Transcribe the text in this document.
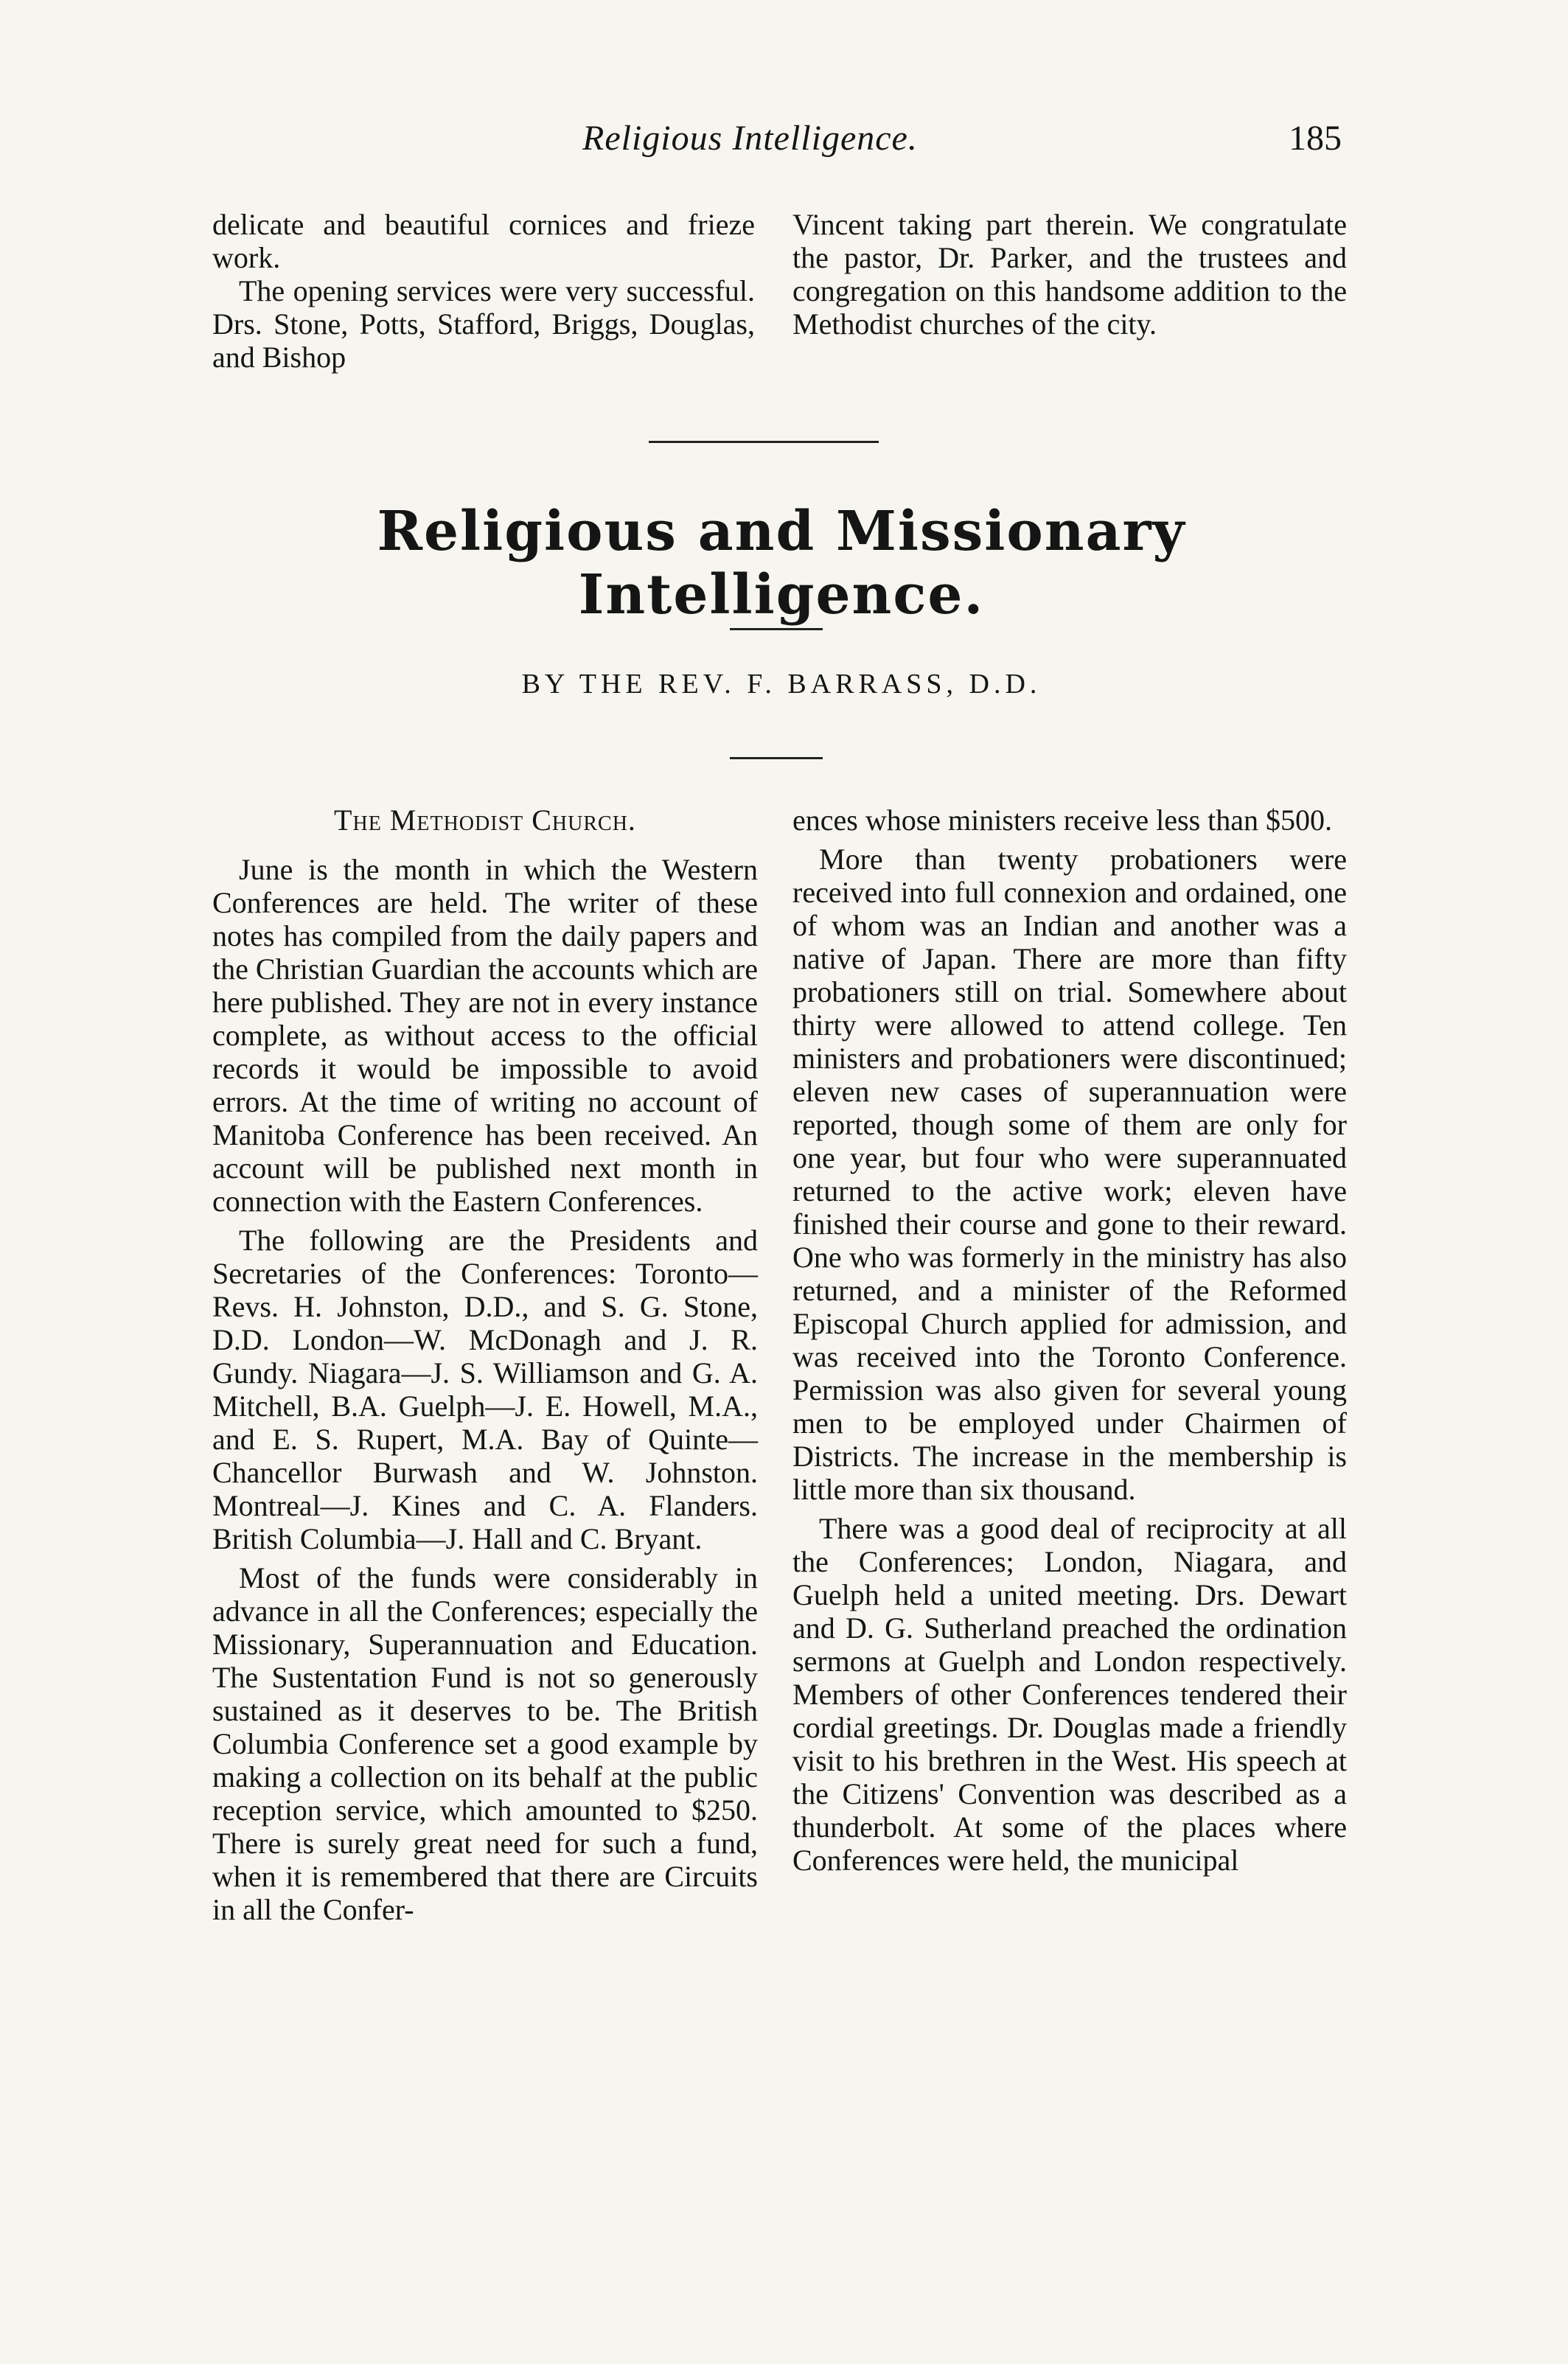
Religious Intelligence.	185

delicate and beautiful cornices and frieze work.

The opening services were very successful. Drs. Stone, Potts, Stafford, Briggs, Douglas, and Bishop

Vincent taking part therein. We congratulate the pastor, Dr. Parker, and the trustees and congregation on this handsome addition to the Methodist churches of the city.

Religious and Missionary Intelligence.
BY THE REV. F. BARRASS, D.D.

The Methodist Church.

June is the month in which the Western Conferences are held. The writer of these notes has compiled from the daily papers and the Christian Guardian the accounts which are here published. They are not in every instance complete, as without access to the official records it would be impossible to avoid errors. At the time of writing no account of Manitoba Conference has been received. An account will be published next month in connection with the Eastern Conferences.

The following are the Presidents and Secretaries of the Conferences: Toronto—Revs. H. Johnston, D.D., and S. G. Stone, D.D. London—W. McDonagh and J. R. Gundy. Niagara—J. S. Williamson and G. A. Mitchell, B.A. Guelph—J. E. Howell, M.A., and E. S. Rupert, M.A. Bay of Quinte—Chancellor Burwash and W. Johnston. Montreal—J. Kines and C. A. Flanders. British Columbia—J. Hall and C. Bryant.

Most of the funds were considerably in advance in all the Conferences; especially the Missionary, Superannuation and Education. The Sustentation Fund is not so generously sustained as it deserves to be. The British Columbia Conference set a good example by making a collection on its behalf at the public reception service, which amounted to $250. There is surely great need for such a fund, when it is remembered that there are Circuits in all the Confer-

ences whose ministers receive less than $500.

More than twenty probationers were received into full connexion and ordained, one of whom was an Indian and another was a native of Japan. There are more than fifty probationers still on trial. Somewhere about thirty were allowed to attend college. Ten ministers and probationers were discontinued; eleven new cases of superannuation were reported, though some of them are only for one year, but four who were superannuated returned to the active work; eleven have finished their course and gone to their reward. One who was formerly in the ministry has also returned, and a minister of the Reformed Episcopal Church applied for admission, and was received into the Toronto Conference. Permission was also given for several young men to be employed under Chairmen of Districts. The increase in the membership is little more than six thousand.

There was a good deal of reciprocity at all the Conferences; London, Niagara, and Guelph held a united meeting. Drs. Dewart and D. G. Sutherland preached the ordination sermons at Guelph and London respectively. Members of other Conferences tendered their cordial greetings. Dr. Douglas made a friendly visit to his brethren in the West. His speech at the Citizens' Convention was described as a thunderbolt. At some of the places where Conferences were held, the municipal
